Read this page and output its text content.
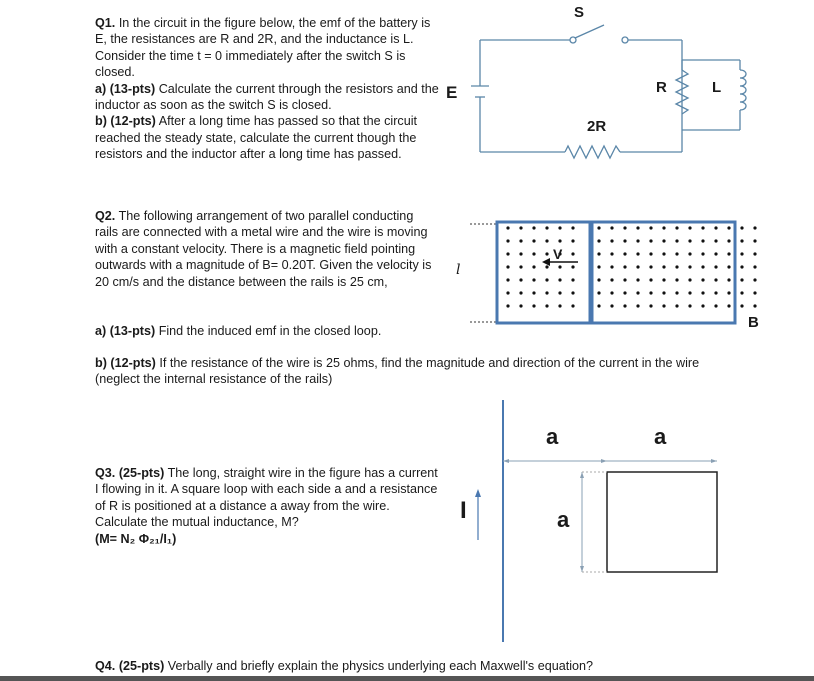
Q1. In the circuit in the figure below, the emf of the battery is E, the resistances are R and 2R, and the inductance is L. Consider the time t = 0 immediately after the switch S is closed.
a) (13-pts) Calculate the current through the resistors and the inductor as soon as the switch S is closed.
b) (12-pts) After a long time has passed so that the circuit reached the steady state, calculate the current though the resistors and the inductor after a long time has passed.
S
E	R	L
2R
Q2. The following arrangement of two parallel conducting rails are connected with a metal wire and the wire is moving with a constant velocity. There is a magnetic field pointing outwards with a magnitude of B= 0.20T. Given the velocity is 20 cm/s and the distance between the rails is 25 cm,
a) (13-pts) Find the induced emf in the closed loop.
b) (12-pts) If the resistance of the wire is 25 ohms, find the magnitude and direction of the current in the wire (neglect the internal resistance of the rails)
l
V
B
Q3. (25-pts) The long, straight wire in the figure has a current I flowing in it. A square loop with each side a and a resistance of R is positioned at a distance a away from the wire. Calculate the mutual inductance, M?
(M= N₂ Φ₂₁/I₁)
I
a	a
a
Q4. (25-pts) Verbally and briefly explain the physics underlying each Maxwell's equation?
